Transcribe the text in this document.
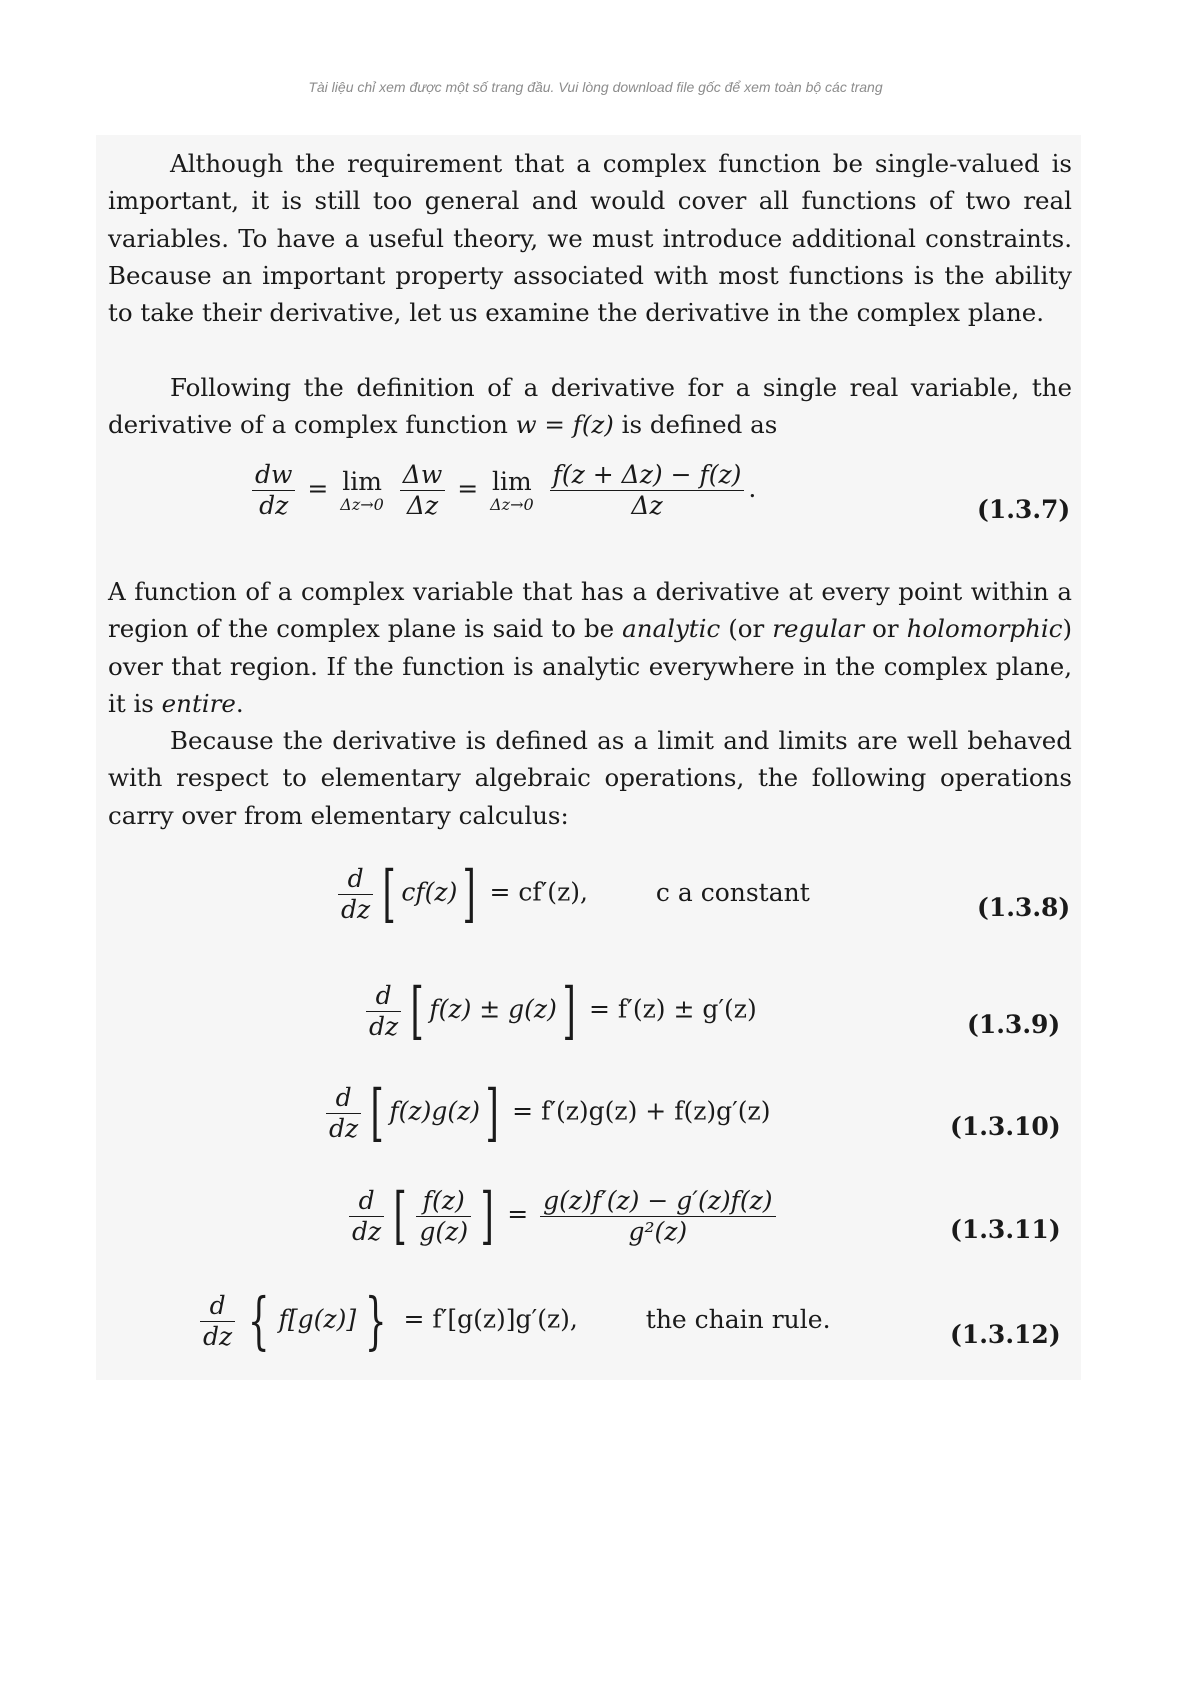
Tài liệu chỉ xem được một số trang đầu. Vui lòng download file gốc để xem toàn bộ các trang

Although the requirement that a complex function be single-valued is important, it is still too general and would cover all functions of two real variables. To have a useful theory, we must introduce additional constraints. Because an important property associated with most functions is the ability to take their derivative, let us examine the derivative in the complex plane.

Following the definition of a derivative for a single real variable, the derivative of a complex function w = f(z) is defined as

$\frac{dw}{dz} = \lim$
Δz→0
$\frac{\Delta w}{\Delta z} = \lim$
Δz→0
$\frac{f(z + \Delta z) - f(z)}{\Delta z}$ .
(1.3.7)

A function of a complex variable that has a derivative at every point within a region of the complex plane is said to be analytic (or regular or holomorphic) over that region. If the function is analytic everywhere in the complex plane, it is entire.

Because the derivative is defined as a limit and limits are well behaved with respect to elementary algebraic operations, the following operations carry over from elementary calculus:

$\frac{d}{dz}$ [ cf(z)] = cf′(z),	c a constant
(1.3.8)
$\frac{d}{dz}$ [ f(z) ± g(z)] = f′(z) ± g′(z)
(1.3.9)
$\frac{d}{dz}$ [ f(z)g(z)] = f′(z)g(z) + f(z)g′(z)
(1.3.10)
$\frac{d}{dz}$ [ $\frac{f(z)}{g(z)}$ ] = $\frac{g(z)f'(z) - g'(z)f(z)}{\text{g²(z)}}$	(1.3.11)
$\frac{d}{dz}$ { f[g(z)] } = f′[g(z)]g′(z),	the chain rule.
(1.3.12)
